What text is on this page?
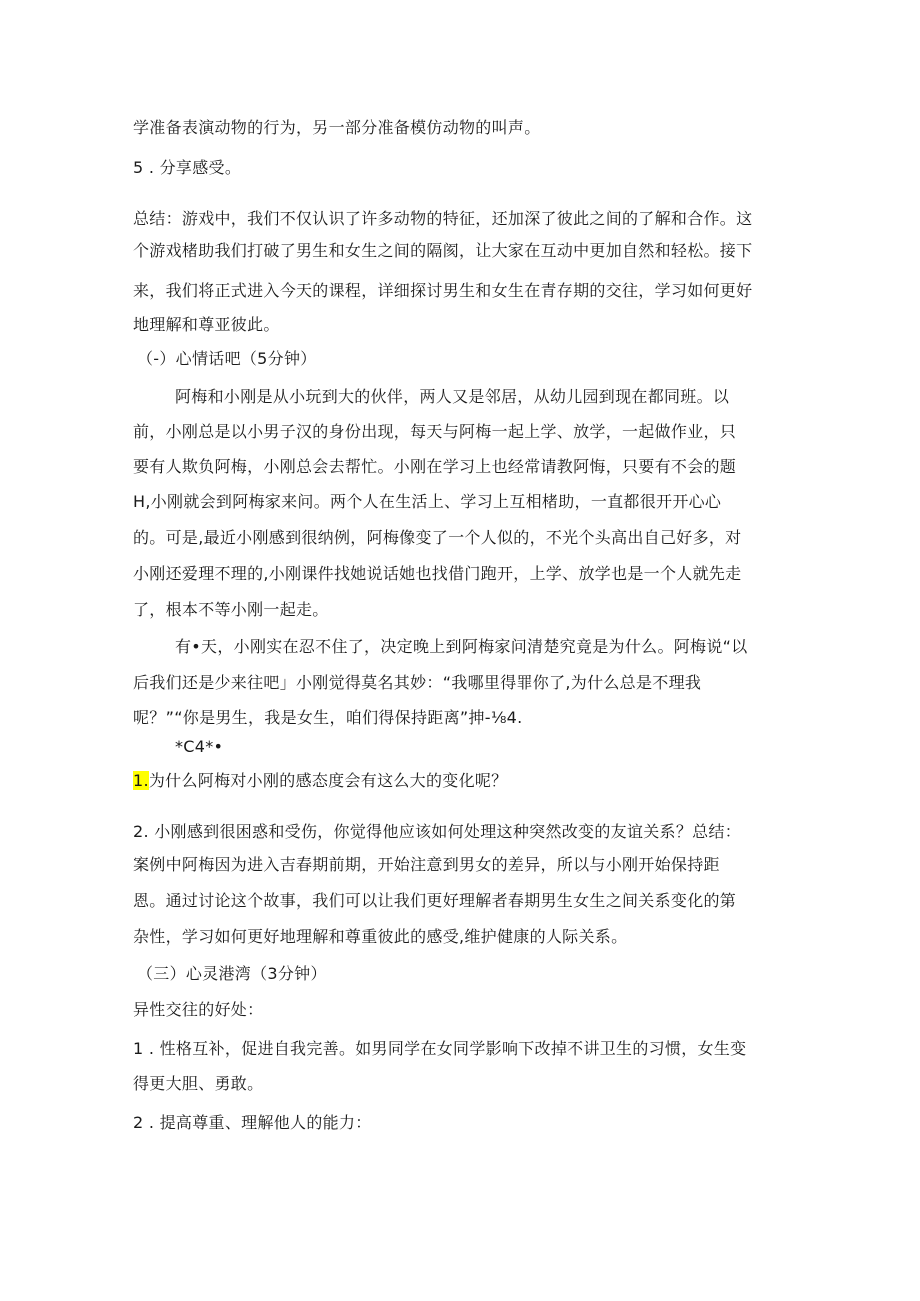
学准备表演动物的行为，另一部分准备模仿动物的叫声。
5 . 分享感受。
总结：游戏中，我们不仅认识了许多动物的特征，还加深了彼此之间的了解和合作。这
个游戏楮助我们打破了男生和女生之间的隔阂，让大家在互动中更加自然和轻松。接下
来，我们将正式进入今天的课程，详细探讨男生和女生在青存期的交往，学习如何更好
地理解和尊亚彼此。
（-）心情话吧（5分钟）
阿梅和小刚是从小玩到大的伙伴，两人又是邻居，从幼儿园到现在都同班。以
前，小刚总是以小男子汉的身份出现，每天与阿梅一起上学、放学，一起做作业，只
要有人欺负阿梅，小刚总会去帮忙。小刚在学习上也经常请教阿悔，只要有不会的题
H,小刚就会到阿梅家来问。两个人在生活上、学习上互相楮助，一直都很开开心心
的。可是,最近小刚感到很纳例，阿梅像变了一个人似的，不光个头高出自己好多，对
小刚还爱理不理的,小刚课件找她说话她也找借门跑开，上学、放学也是一个人就先走
了，根本不等小刚一起走。
有•天，小刚实在忍不住了，决定晚上到阿梅家问清楚究竟是为什么。阿梅说“以
后我们还是少来往吧」小刚觉得莫名其妙：“我哪里得罪你了,为什么总是不理我
呢？”“你是男生，我是女生，咱们得保持距离”抻-⅛4.
*C4*•
1.为什么阿梅对小刚的感态度会有这么大的变化呢？
2. 小刚感到很困惑和受伤，你觉得他应该如何处理这种突然改变的友谊关系？总结：
案例中阿梅因为进入吉春期前期，开始注意到男女的差异，所以与小刚开始保持距
恩。通过讨论这个故事，我们可以让我们更好理解者春期男生女生之间关系变化的第
杂性，学习如何更好地理解和尊重彼此的感受,维护健康的人际关系。
（三）心灵港湾（3分钟）
异性交往的好处：
1 . 性格互补，促进自我完善。如男同学在女同学影响下改掉不讲卫生的习惯，女生变
得更大胆、勇敢。
2 . 提高尊重、理解他人的能力：
